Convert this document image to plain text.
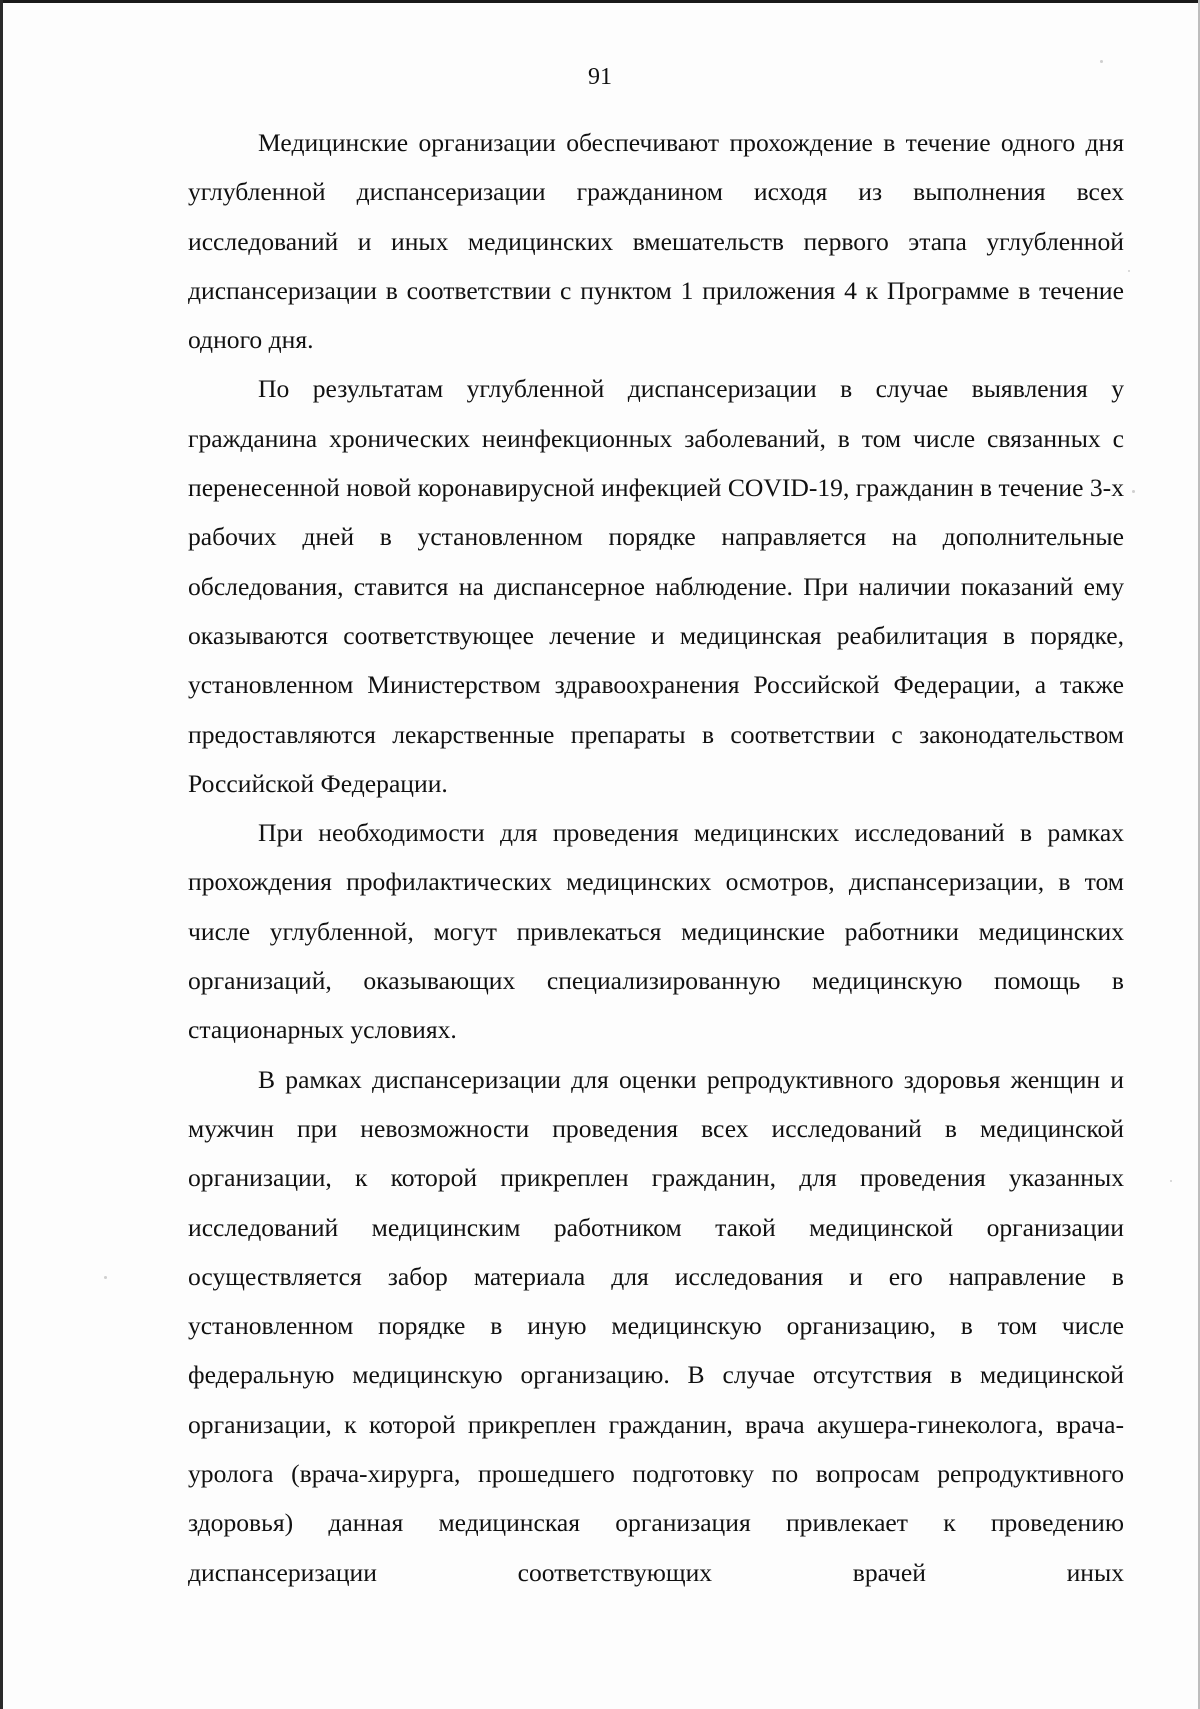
91

Медицинские организации обеспечивают прохождение в течение одного дня углубленной диспансеризации гражданином исходя из выполнения всех исследований и иных медицинских вмешательств первого этапа углубленной диспансеризации в соответствии с пунктом 1 приложения 4 к Программе в течение одного дня.

По результатам углубленной диспансеризации в случае выявления у гражданина хронических неинфекционных заболеваний, в том числе связанных с перенесенной новой коронавирусной инфекцией COVID-19, гражданин в течение 3-х рабочих дней в установленном порядке направляется на дополнительные обследования, ставится на диспансерное наблюдение. При наличии показаний ему оказываются соответствующее лечение и медицинская реабилитация в порядке, установленном Министерством здравоохранения Российской Федерации, а также предоставляются лекарственные препараты в соответствии с законодательством Российской Федерации.

При необходимости для проведения медицинских исследований в рамках прохождения профилактических медицинских осмотров, диспансеризации, в том числе углубленной, могут привлекаться медицинские работники медицинских организаций, оказывающих специализированную медицинскую помощь в стационарных условиях.

В рамках диспансеризации для оценки репродуктивного здоровья женщин и мужчин при невозможности проведения всех исследований в медицинской организации, к которой прикреплен гражданин, для проведения указанных исследований медицинским работником такой медицинской организации осуществляется забор материала для исследования и его направление в установленном порядке в иную медицинскую организацию, в том числе федеральную медицинскую организацию. В случае отсутствия в медицинской организации, к которой прикреплен гражданин, врача акушера-гинеколога, врача-уролога (врача-хирурга, прошедшего подготовку по вопросам репродуктивного здоровья) данная медицинская организация привлекает к проведению диспансеризации соответствующих врачей иных
